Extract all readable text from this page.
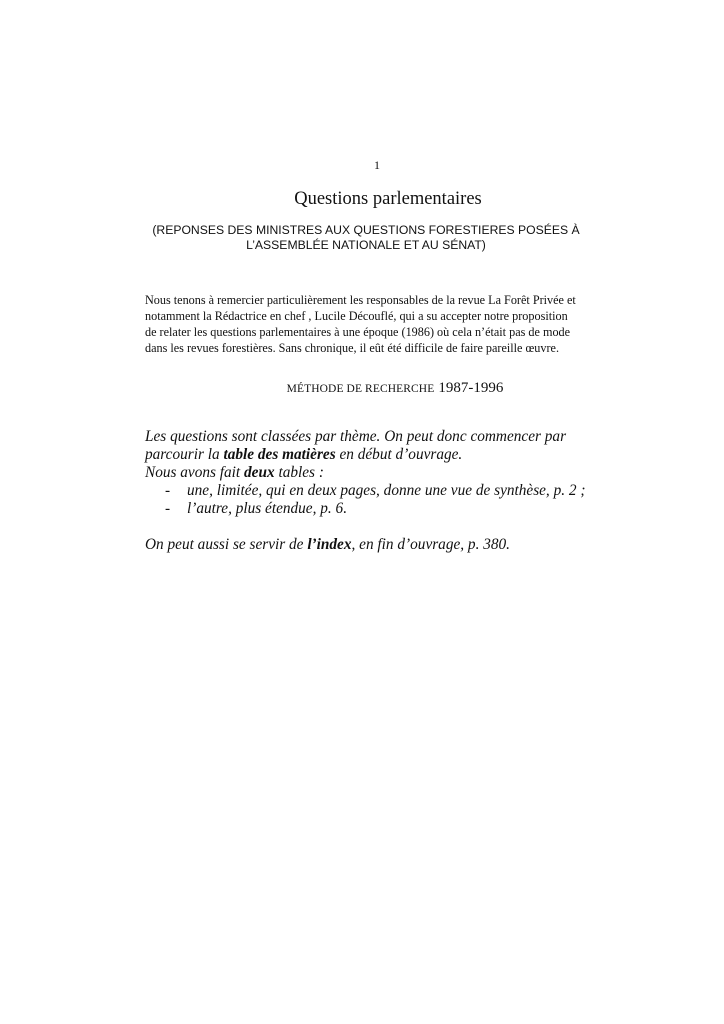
1
Questions parlementaires
(REPONSES DES MINISTRES AUX QUESTIONS FORESTIERES POSÉES À
L’ASSEMBLÉE NATIONALE ET AU SÉNAT)
Nous tenons à remercier particulièrement les responsables de la revue La Forêt Privée et
notamment la Rédactrice en chef , Lucile Découflé, qui a su accepter notre proposition
de relater les questions parlementaires à une époque (1986) où cela n’était pas de mode
dans les revues forestières. Sans chronique, il eût été difficile de faire pareille œuvre.
MÉTHODE DE RECHERCHE 1987-1996
Les questions sont classées par thème. On peut donc commencer par
parcourir la table des matières en début d’ouvrage.
Nous avons fait deux tables :
- une, limitée, qui en deux pages, donne une vue de synthèse, p. 2 ;
- l’autre, plus étendue, p. 6.
On peut aussi se servir de l’index, en fin d’ouvrage, p. 380.
